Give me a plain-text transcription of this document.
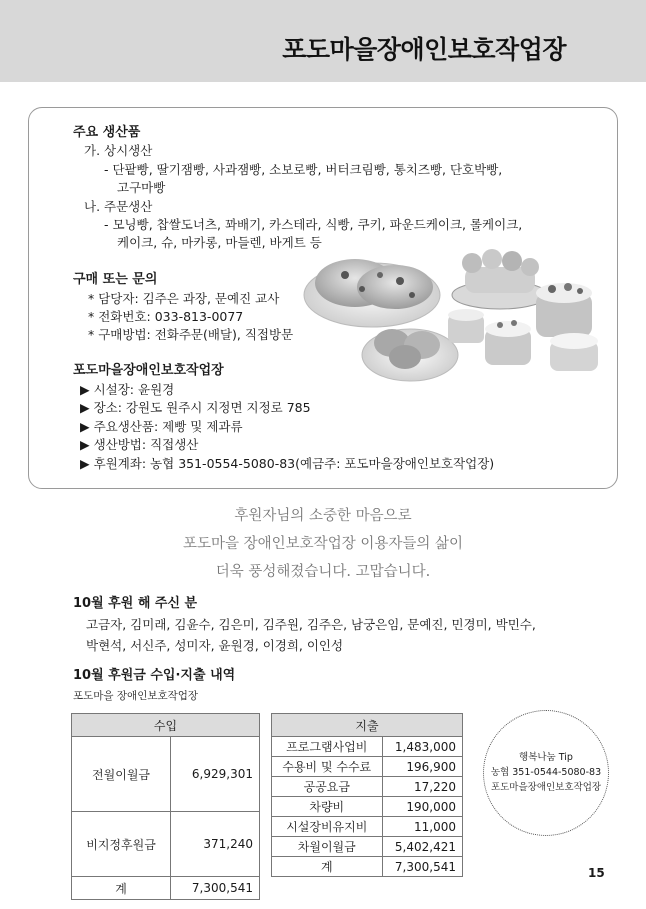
포도마을장애인보호작업장
주요 생산품
가. 상시생산
- 단팥빵, 딸기잼빵, 사과잼빵, 소보로빵, 버터크림빵, 통치즈빵, 단호박빵,
고구마빵
나. 주문생산
- 모닝빵, 찹쌀도너츠, 꽈배기, 카스테라, 식빵, 쿠키, 파운드케이크, 롤케이크,
케이크, 슈, 마카롱, 마들렌, 바게트 등
구매 또는 문의
* 담당자: 김주은 과장, 문예진 교사
* 전화번호: 033-813-0077
* 구매방법: 전화주문(배달), 직접방문
포도마을장애인보호작업장
▶ 시설장: 윤원경
▶ 장소: 강원도 원주시 지정면 지정로 785
▶ 주요생산품: 제빵 및 제과류
▶ 생산방법: 직접생산
▶ 후원계좌: 농협 351-0554-5080-83(예금주: 포도마을장애인보호작업장)
후원자님의 소중한 마음으로
포도마을 장애인보호작업장 이용자들의 삶이
더욱 풍성해졌습니다. 고맙습니다.
10월 후원 해 주신 분
고금자, 김미래, 김윤수, 김은미, 김주원, 김주은, 남궁은임, 문예진, 민경미, 박민수,
박현석, 서신주, 성미자, 윤원경, 이경희, 이인성
10월 후원금 수입·지출 내역
포도마을 장애인보호작업장
수입	
전월이월금	6,929,301
비지정후원금	371,240
계	7,300,541
지출	
프로그램사업비	1,483,000
수용비 및 수수료	196,900
공공요금	17,220
차량비	190,000
시설장비유지비	11,000
차월이월금	5,402,421
계	7,300,541
행복나눔 Tip
농협 351-0544-5080-83
포도마을장애인보호작업장
15
